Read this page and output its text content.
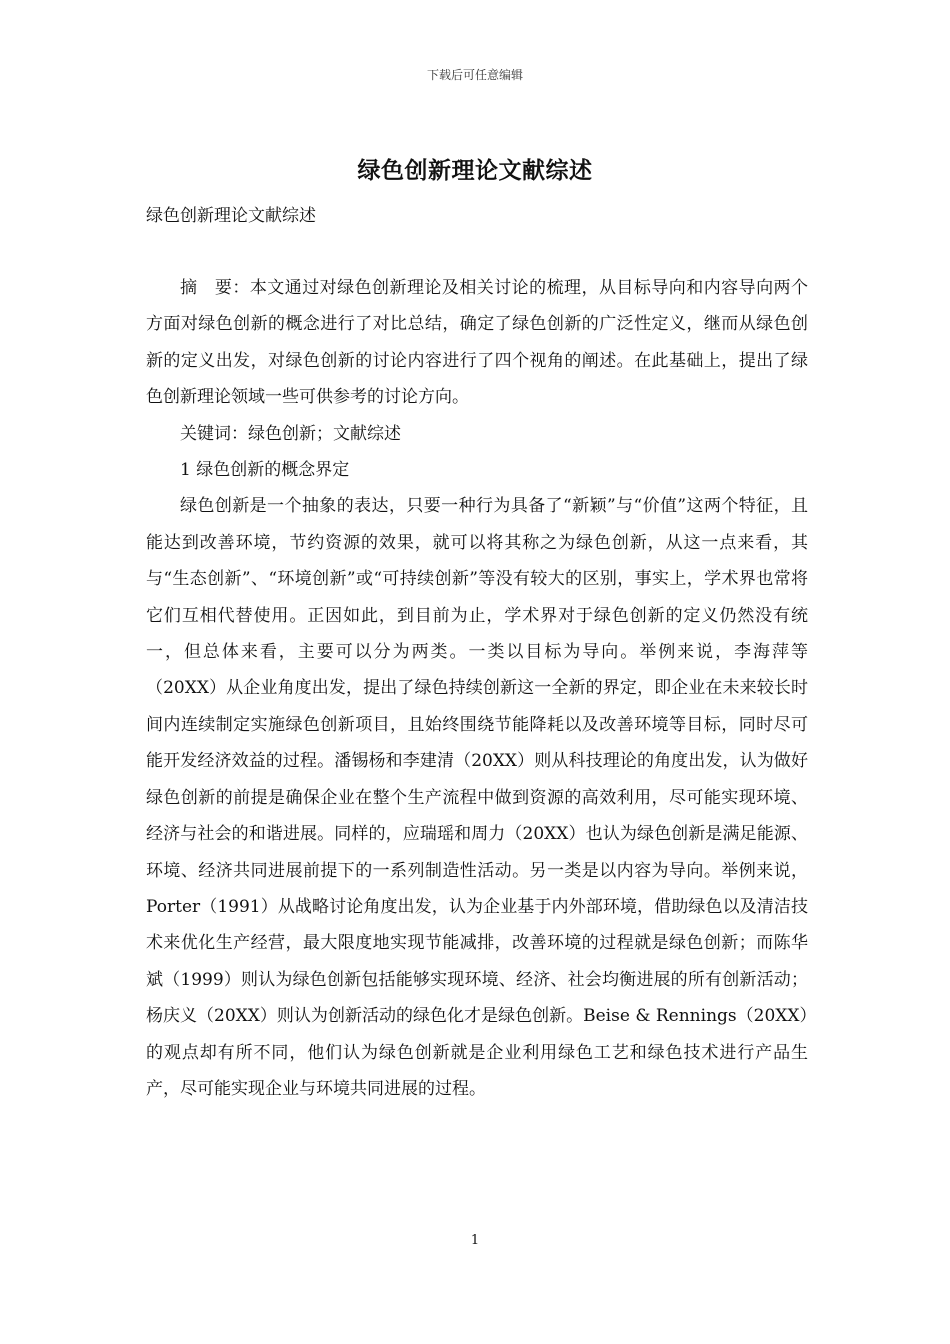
下载后可任意编辑
绿色创新理论文献综述

绿色创新理论文献综述

摘　要：本文通过对绿色创新理论及相关讨论的梳理，从目标导向和内容导向两个方面对绿色创新的概念进行了对比总结，确定了绿色创新的广泛性定义，继而从绿色创新的定义出发，对绿色创新的讨论内容进行了四个视角的阐述。在此基础上，提出了绿色创新理论领域一些可供参考的讨论方向。

关键词：绿色创新；文献综述

1 绿色创新的概念界定

绿色创新是一个抽象的表达，只要一种行为具备了“新颖”与“价值”这两个特征，且能达到改善环境，节约资源的效果，就可以将其称之为绿色创新，从这一点来看，其与“生态创新”、“环境创新”或“可持续创新”等没有较大的区别，事实上，学术界也常将它们互相代替使用。正因如此，到目前为止，学术界对于绿色创新的定义仍然没有统一，但总体来看，主要可以分为两类。一类以目标为导向。举例来说，李海萍等（20XX）从企业角度出发，提出了绿色持续创新这一全新的界定，即企业在未来较长时间内连续制定实施绿色创新项目，且始终围绕节能降耗以及改善环境等目标，同时尽可能开发经济效益的过程。潘锡杨和李建清（20XX）则从科技理论的角度出发，认为做好绿色创新的前提是确保企业在整个生产流程中做到资源的高效利用，尽可能实现环境、经济与社会的和谐进展。同样的，应瑞瑶和周力（20XX）也认为绿色创新是满足能源、环境、经济共同进展前提下的一系列制造性活动。另一类是以内容为导向。举例来说，Porter（1991）从战略讨论角度出发，认为企业基于内外部环境，借助绿色以及清洁技术来优化生产经营，最大限度地实现节能减排，改善环境的过程就是绿色创新；而陈华斌（1999）则认为绿色创新包括能够实现环境、经济、社会均衡进展的所有创新活动；杨庆义（20XX）则认为创新活动的绿色化才是绿色创新。Beise & Rennings（20XX）的观点却有所不同，他们认为绿色创新就是企业利用绿色工艺和绿色技术进行产品生产，尽可能实现企业与环境共同进展的过程。

1
